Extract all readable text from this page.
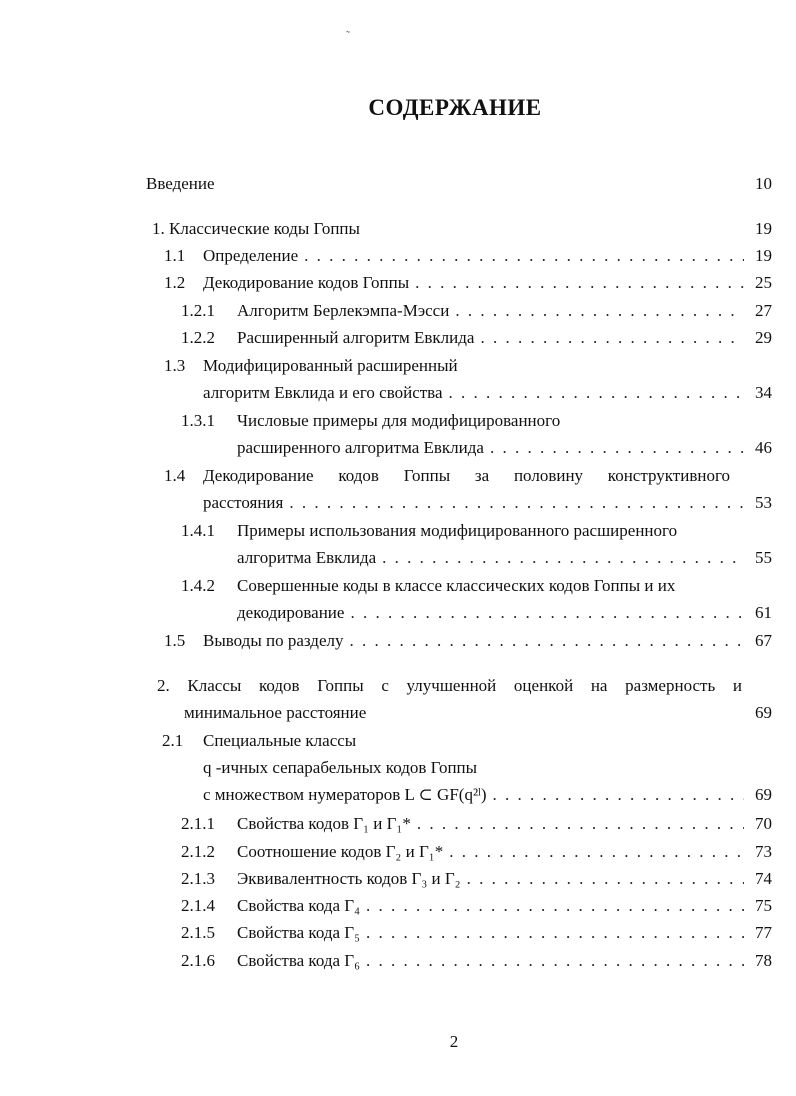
˜
СОДЕРЖАНИЕ
Введение	10
1. Классические коды Гоппы	19
1.1	Определение . . .	19
1.2	Декодирование кодов Гоппы . . .	25
1.2.1	Алгоритм Берлекэмпа-Мэсси . . .	27
1.2.2	Расширенный алгоритм Евклида . . .	29
1.3	Модифицированный расширенный
алгоритм Евклида и его свойства . . .	34
1.3.1	Числовые примеры для модифицированного
расширенного алгоритма Евклида . . .	46
1.4	Декодирование кодов Гоппы за половину конструктивного
расстояния . . .	53
1.4.1	Примеры использования модифицированного расширенного
алгоритма Евклида . . .	55
1.4.2	Совершенные коды в классе классических кодов Гоппы и их
декодирование . . .	61
1.5	Выводы по разделу . . .	67
2. Классы кодов Гоппы с улучшенной оценкой на размерность и
минимальное расстояние	69
2.1	Специальные классы
q -ичных сепарабельных кодов Гоппы
с множеством нумераторов L ⊂ GF(q²ˡ) . . .	69
2.1.1	Свойства кодов Γ₁ и Γ₁* . . .	70
2.1.2	Соотношение кодов Γ₂ и Γ₁* . . .	73
2.1.3	Эквивалентность кодов Γ₃ и Γ₂ . . .	74
2.1.4	Свойства кода Γ₄ . . .	75
2.1.5	Свойства кода Γ₅ . . .	77
2.1.6	Свойства кода Γ₆ . . .	78
2
